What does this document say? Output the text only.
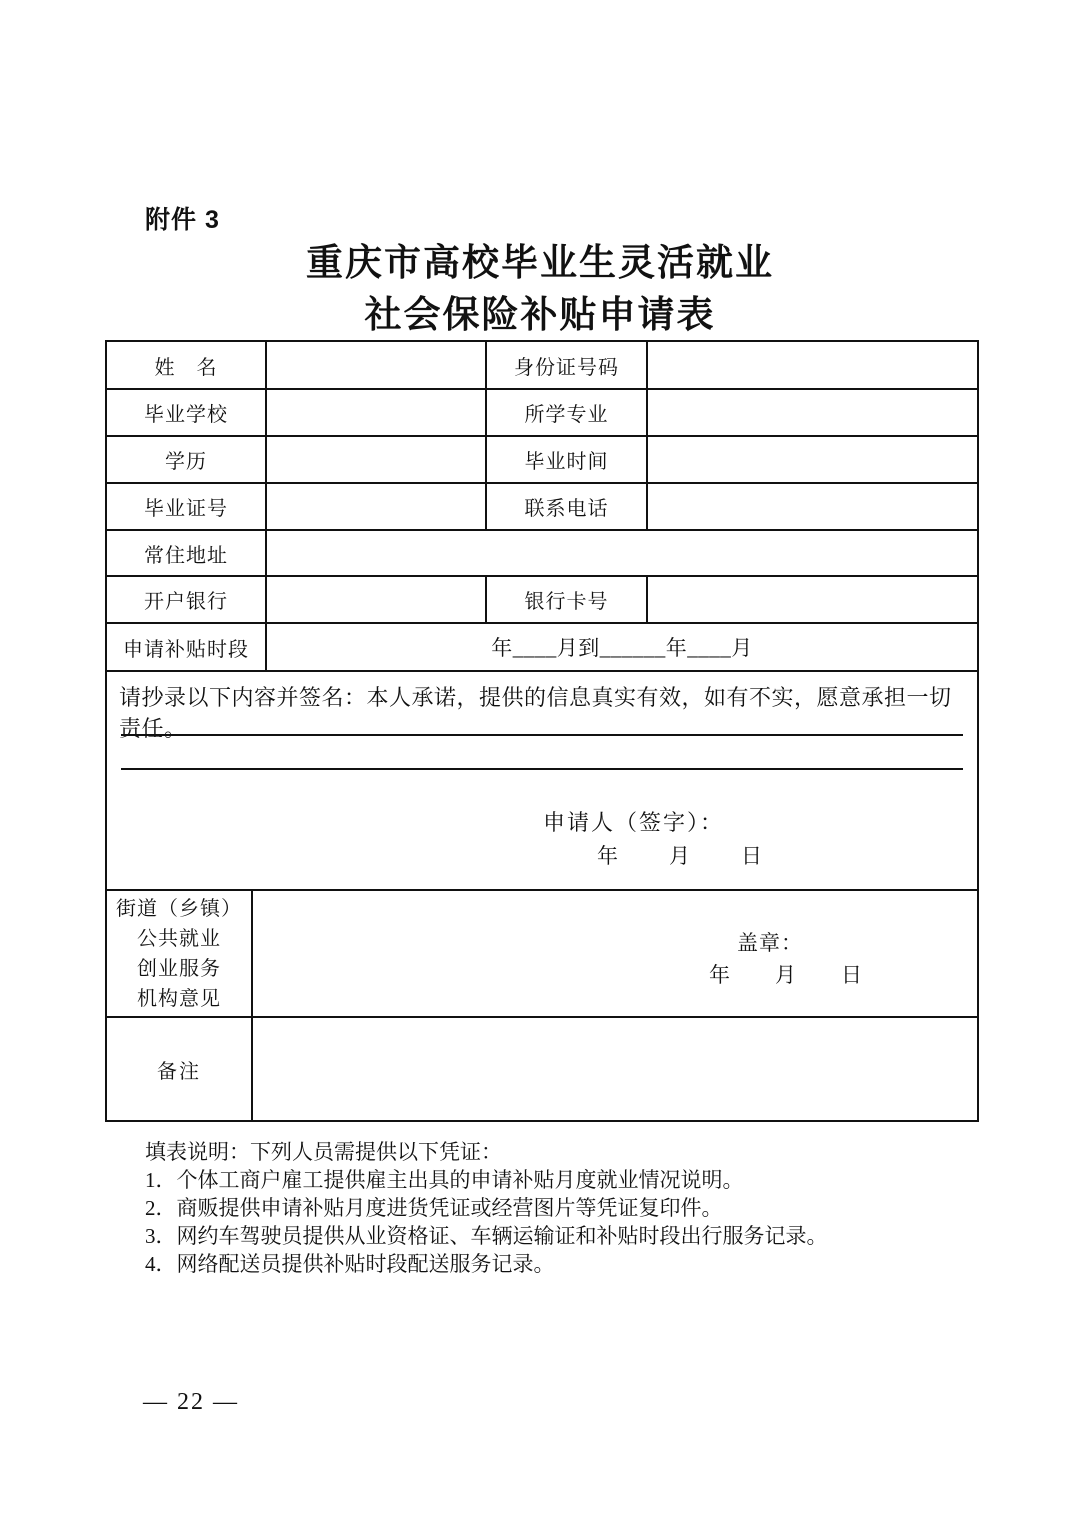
附件 3
重庆市高校毕业生灵活就业
社会保险补贴申请表
姓　名	身份证号码
毕业学校	所学专业
学历	毕业时间
毕业证号	联系电话
常住地址
开户银行	银行卡号
申请补贴时段	年____月到______年____月
请抄录以下内容并签名：本人承诺，提供的信息真实有效，如有不实，愿意承担一切责任。
申请人（签字）：
年　　月　　日
街道（乡镇）
公共就业
创业服务
机构意见
盖章：
年　月　日
备注
填表说明：下列人员需提供以下凭证：
1．个体工商户雇工提供雇主出具的申请补贴月度就业情况说明。
2．商贩提供申请补贴月度进货凭证或经营图片等凭证复印件。
3．网约车驾驶员提供从业资格证、车辆运输证和补贴时段出行服务记录。
4．网络配送员提供补贴时段配送服务记录。
— 22 —
